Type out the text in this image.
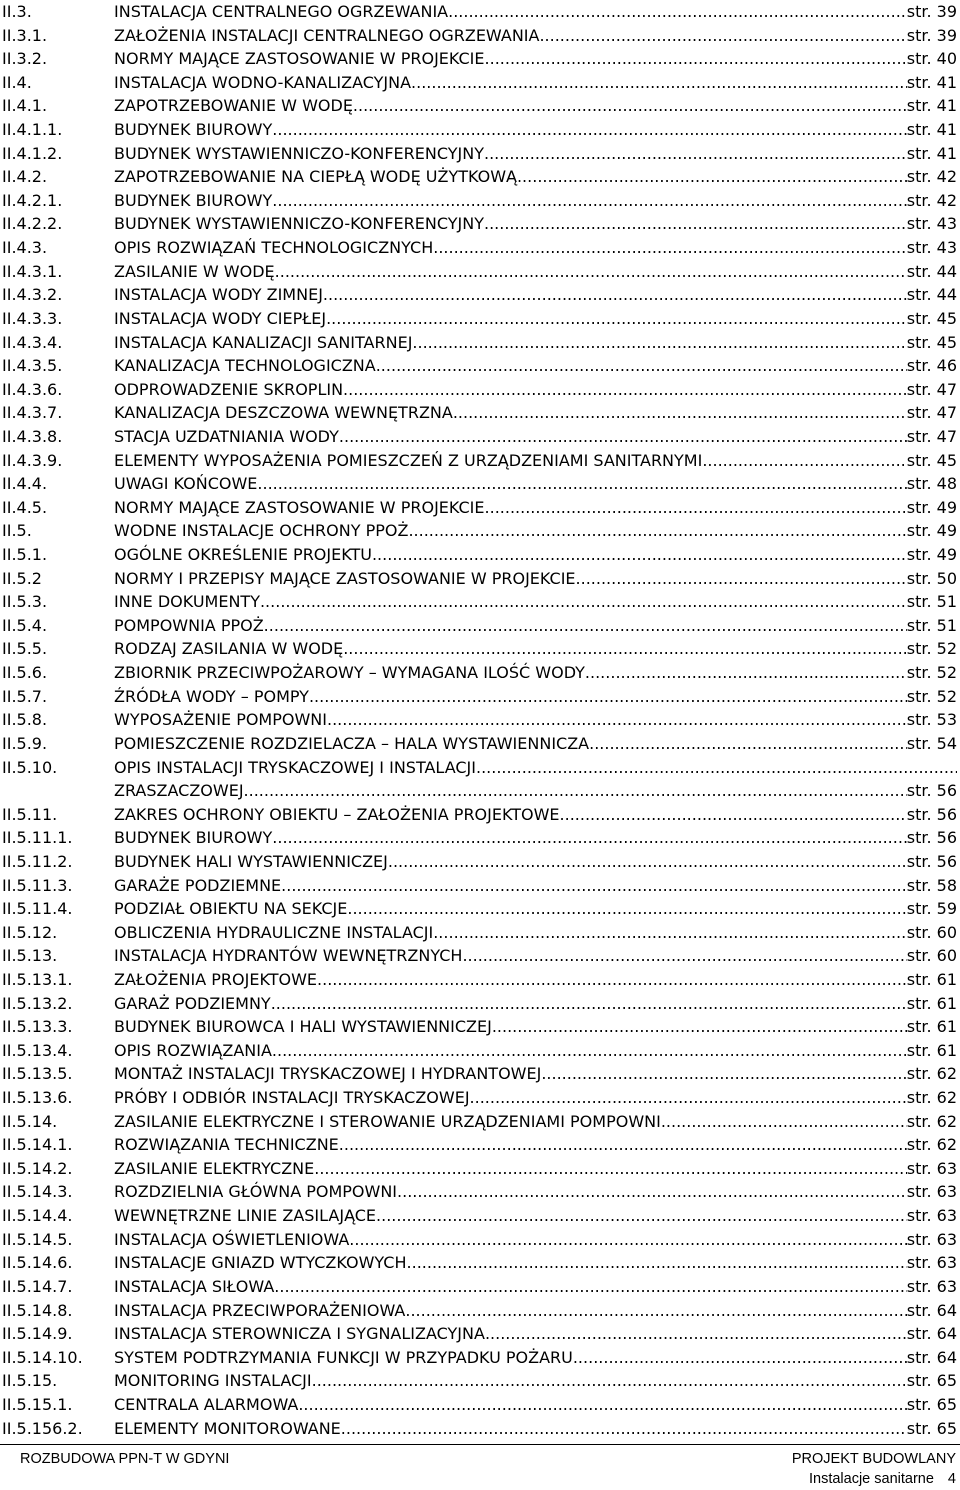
II.3.	INSTALACJA CENTRALNEGO OGRZEWANIA .....	str. 39
II.3.1.	ZAŁOŻENIA INSTALACJI CENTRALNEGO OGRZEWANIA .....	str. 39
II.3.2.	NORMY MAJĄCE ZASTOSOWANIE W PROJEKCIE .....	str. 40
II.4.	INSTALACJA WODNO-KANALIZACYJNA .....	str. 41
II.4.1.	ZAPOTRZEBOWANIE W WODĘ .....	str. 41
II.4.1.1.	BUDYNEK BIUROWY .....	str. 41
II.4.1.2.	BUDYNEK WYSTAWIENNICZO-KONFERENCYJNY .....	str. 41
II.4.2.	ZAPOTRZEBOWANIE NA CIEPŁĄ WODĘ UŻYTKOWĄ .....	str. 42
II.4.2.1.	BUDYNEK BIUROWY .....	str. 42
II.4.2.2.	BUDYNEK WYSTAWIENNICZO-KONFERENCYJNY .....	str. 43
II.4.3.	OPIS ROZWIĄZAŃ TECHNOLOGICZNYCH .....	str. 43
II.4.3.1.	ZASILANIE W WODĘ .....	str. 44
II.4.3.2.	INSTALACJA WODY ZIMNEJ .....	str. 44
II.4.3.3.	INSTALACJA WODY CIEPŁEJ .....	str. 45
II.4.3.4.	INSTALACJA KANALIZACJI SANITARNEJ .....	str. 45
II.4.3.5.	KANALIZACJA TECHNOLOGICZNA .....	str. 46
II.4.3.6.	ODPROWADZENIE SKROPLIN .....	str. 47
II.4.3.7.	KANALIZACJA DESZCZOWA WEWNĘTRZNA .....	str. 47
II.4.3.8.	STACJA UZDATNIANIA WODY .....	str. 47
II.4.3.9.	ELEMENTY WYPOSAŻENIA POMIESZCZEŃ Z URZĄDZENIAMI SANITARNYMI .....	str. 45
II.4.4.	UWAGI KOŃCOWE .....	str. 48
II.4.5.	NORMY MAJĄCE ZASTOSOWANIE W PROJEKCIE .....	str. 49
II.5.	WODNE INSTALACJE OCHRONY PPOŻ .....	str. 49
II.5.1.	OGÓLNE OKREŚLENIE PROJEKTU .....	str. 49
II.5.2	NORMY I PRZEPISY MAJĄCE ZASTOSOWANIE W PROJEKCIE .....	str. 50
II.5.3.	INNE DOKUMENTY .....	str. 51
II.5.4.	POMPOWNIA PPOŻ. .....	str. 51
II.5.5.	RODZAJ ZASILANIA W WODĘ .....	str. 52
II.5.6.	ZBIORNIK PRZECIWPOŻAROWY – WYMAGANA ILOŚĆ WODY .....	str. 52
II.5.7.	ŹRÓDŁA WODY – POMPY .....	str. 52
II.5.8.	WYPOSAŻENIE POMPOWNI .....	str. 53
II.5.9.	POMIESZCZENIE ROZDZIELACZA – HALA WYSTAWIENNICZA .....	str. 54
II.5.10.	OPIS INSTALACJI TRYSKACZOWEJ I INSTALACJI
.....
ZRASZACZOWEJ .....	str. 56
II.5.11.	ZAKRES OCHRONY OBIEKTU – ZAŁOŻENIA PROJEKTOWE .....	str. 56
II.5.11.1.	BUDYNEK BIUROWY .....	str. 56
II.5.11.2.	BUDYNEK HALI WYSTAWIENNICZEJ .....	str. 56
II.5.11.3.	GARAŻE PODZIEMNE .....	str. 58
II.5.11.4.	PODZIAŁ OBIEKTU NA SEKCJE .....	str. 59
II.5.12.	OBLICZENIA HYDRAULICZNE INSTALACJI .....	str. 60
II.5.13.	INSTALACJA HYDRANTÓW WEWNĘTRZNYCH .....	str. 60
II.5.13.1.	ZAŁOŻENIA PROJEKTOWE .....	str. 61
II.5.13.2.	GARAŻ PODZIEMNY .....	str. 61
II.5.13.3.	BUDYNEK BIUROWCA I HALI WYSTAWIENNICZEJ .....	str. 61
II.5.13.4.	OPIS ROZWIĄZANIA .....	str. 61
II.5.13.5.	MONTAŻ INSTALACJI TRYSKACZOWEJ I HYDRANTOWEJ .....	str. 62
II.5.13.6.	PRÓBY I ODBIÓR INSTALACJI TRYSKACZOWEJ .....	str. 62
II.5.14.	ZASILANIE ELEKTRYCZNE I STEROWANIE URZĄDZENIAMI POMPOWNI .....	str. 62
II.5.14.1.	ROZWIĄZANIA TECHNICZNE .....	str. 62
II.5.14.2.	ZASILANIE ELEKTRYCZNE .....	str. 63
II.5.14.3.	ROZDZIELNIA GŁÓWNA POMPOWNI .....	str. 63
II.5.14.4.	WEWNĘTRZNE LINIE ZASILAJĄCE .....	str. 63
II.5.14.5.	INSTALACJA OŚWIETLENIOWA .....	str. 63
II.5.14.6.	INSTALACJE GNIAZD WTYCZKOWYCH .....	str. 63
II.5.14.7.	INSTALACJA SIŁOWA .....	str. 63
II.5.14.8.	INSTALACJA PRZECIWPORAŻENIOWA .....	str. 64
II.5.14.9.	INSTALACJA STEROWNICZA I SYGNALIZACYJNA .....	str. 64
II.5.14.10. SYSTEM PODTRZYMANIA FUNKCJI W PRZYPADKU POŻARU .....	str. 64
II.5.15.	MONITORING INSTALACJI .....	str. 65
II.5.15.1.	CENTRALA ALARMOWA .....	str. 65
II.5.156.2. ELEMENTY MONITOROWANE .....	str. 65
ROZBUDOWA PPN-T W GDYNI	PROJEKT BUDOWLANY
Instalacje sanitarne 4
